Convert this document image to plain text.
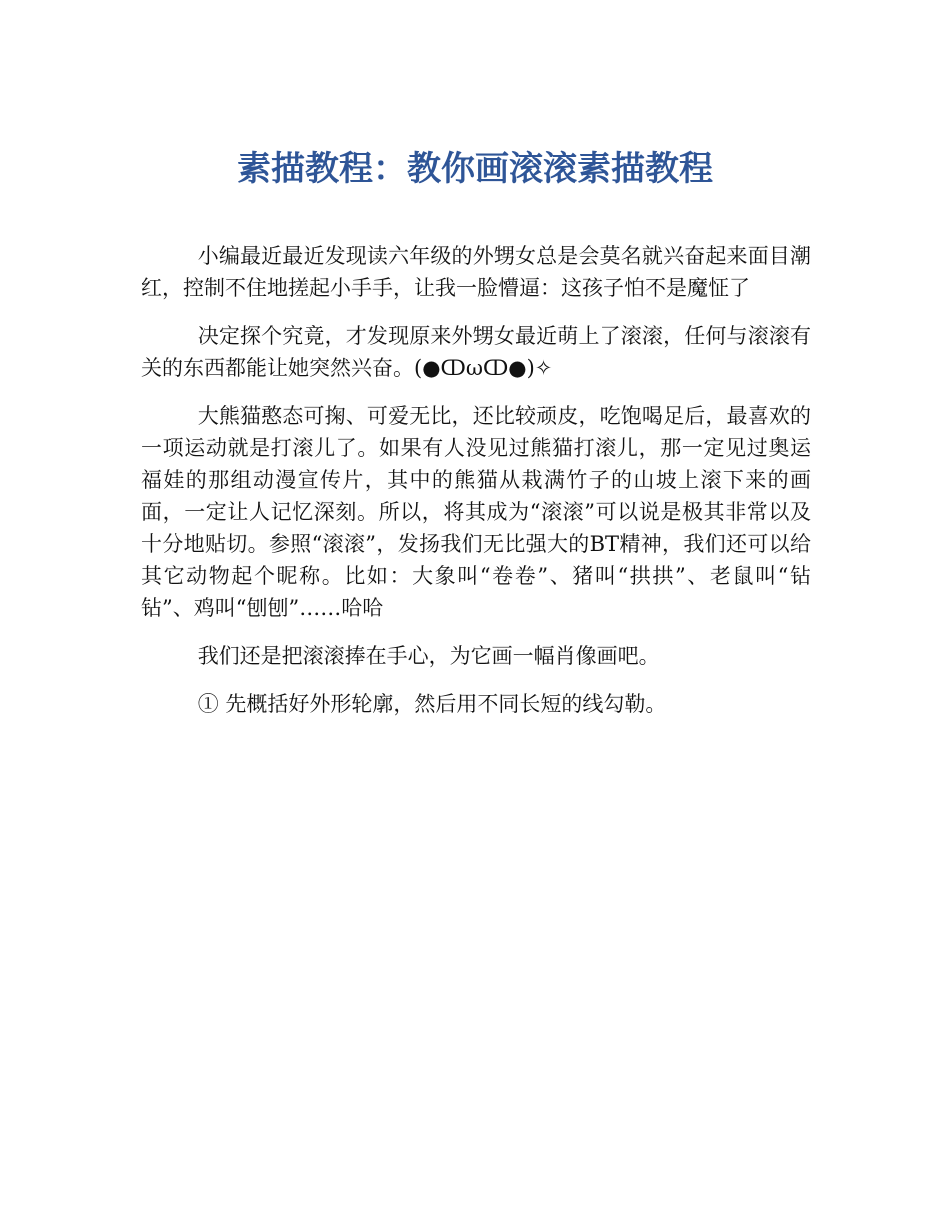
素描教程：教你画滚滚素描教程

小编最近最近发现读六年级的外甥女总是会莫名就兴奋起来面目潮红，控制不住地搓起小手手，让我一脸懵逼：这孩子怕不是魔怔了

决定探个究竟，才发现原来外甥女最近萌上了滚滚，任何与滚滚有关的东西都能让她突然兴奋。(●ↀωↀ●)✧

大熊猫憨态可掬、可爱无比，还比较顽皮，吃饱喝足后，最喜欢的一项运动就是打滚儿了。如果有人没见过熊猫打滚儿，那一定见过奥运福娃的那组动漫宣传片，其中的熊猫从栽满竹子的山坡上滚下来的画面，一定让人记忆深刻。所以，将其成为“滚滚”可以说是极其非常以及十分地贴切。参照“滚滚”，发扬我们无比强大的BT精神，我们还可以给其它动物起个昵称。比如：大象叫“卷卷”、猪叫“拱拱”、老鼠叫“钻钻”、鸡叫“刨刨”……哈哈

我们还是把滚滚捧在手心，为它画一幅肖像画吧。

① 先概括好外形轮廓，然后用不同长短的线勾勒。
